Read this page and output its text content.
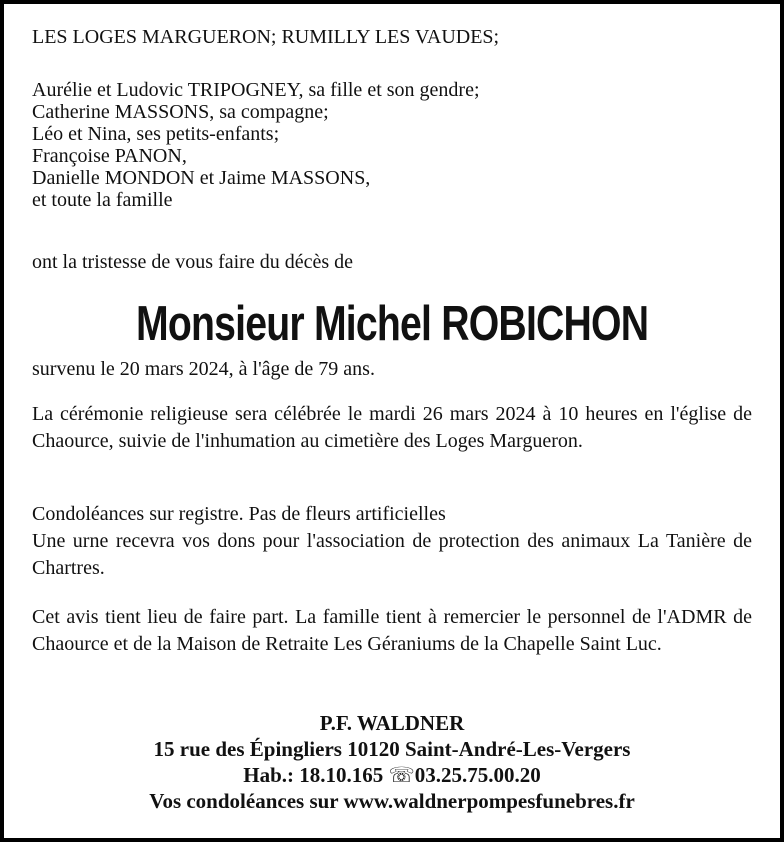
LES LOGES MARGUERON; RUMILLY LES VAUDES;
Aurélie et Ludovic TRIPOGNEY, sa fille et son gendre;
Catherine MASSONS, sa compagne;
Léo et Nina, ses petits-enfants;
Françoise PANON,
Danielle MONDON et Jaime MASSONS,
et toute la famille
ont la tristesse de vous faire du décès de
Monsieur Michel ROBICHON
survenu le 20 mars 2024, à l'âge de 79 ans.
La cérémonie religieuse sera célébrée le mardi 26 mars 2024 à 10 heures en l'église de Chaource, suivie de l'inhumation au cimetière des Loges Margueron.
Condoléances sur registre. Pas de fleurs artificielles
Une urne recevra vos dons pour l'association de protection des animaux La Tanière de Chartres.
Cet avis tient lieu de faire part. La famille tient à remercier le personnel de l'ADMR de Chaource et de la Maison de Retraite Les Géraniums de la Chapelle Saint Luc.
P.F. WALDNER
15 rue des Épingliers 10120 Saint-André-Les-Vergers
Hab.: 18.10.165 ☏03.25.75.00.20
Vos condoléances sur www.waldnerpompesfunebres.fr
